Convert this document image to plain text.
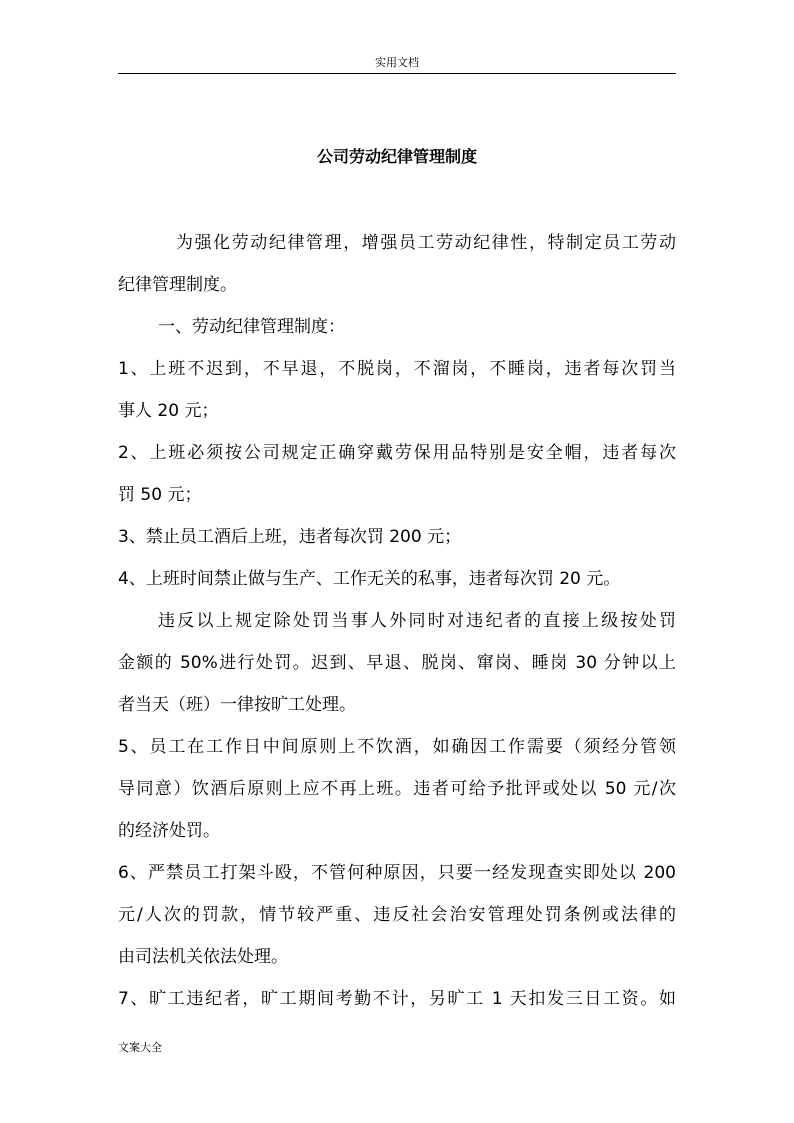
实用文档
公司劳动纪律管理制度
为强化劳动纪律管理，增强员工劳动纪律性，特制定员工劳动
纪律管理制度。
一、劳动纪律管理制度：
1、上班不迟到，不早退，不脱岗，不溜岗，不睡岗，违者每次罚当
事人 20 元；
2、上班必须按公司规定正确穿戴劳保用品特别是安全帽，违者每次
罚 50 元；
3、禁止员工酒后上班，违者每次罚 200 元；
4、上班时间禁止做与生产、工作无关的私事，违者每次罚 20 元。
违反以上规定除处罚当事人外同时对违纪者的直接上级按处罚
金额的 50%进行处罚。迟到、早退、脱岗、窜岗、睡岗 30 分钟以上
者当天（班）一律按旷工处理。
5、员工在工作日中间原则上不饮酒，如确因工作需要（须经分管领
导同意）饮酒后原则上应不再上班。违者可给予批评或处以 50 元/次
的经济处罚。
6、严禁员工打架斗殴，不管何种原因，只要一经发现查实即处以 200
元/人次的罚款，情节较严重、违反社会治安管理处罚条例或法律的
由司法机关依法处理。
7、旷工违纪者，旷工期间考勤不计，另旷工 1 天扣发三日工资。如
文案大全
